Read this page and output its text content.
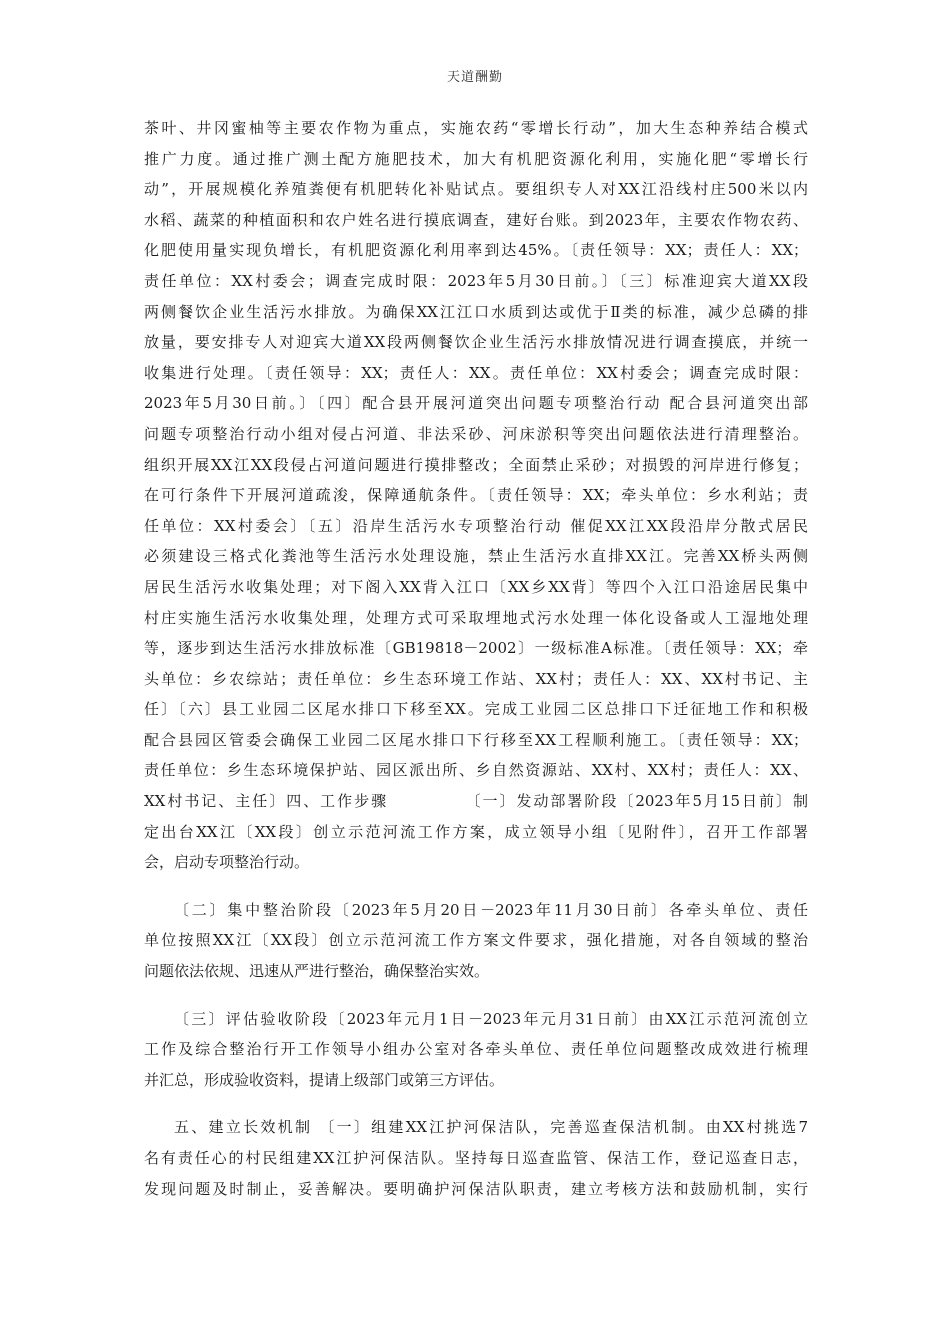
天道酬勤
茶叶、井冈蜜柚等主要农作物为重点，实施农药“零增长行动”，加大生态种养结合模式
推广力度。通过推广测土配方施肥技术，加大有机肥资源化利用，实施化肥“零增长行
动”，开展规模化养殖粪便有机肥转化补贴试点。要组织专人对XX江沿线村庄500米以内
水稻、蔬菜的种植面积和农户姓名进行摸底调查，建好台账。到2023年，主要农作物农药、
化肥使用量实现负增长，有机肥资源化利用率到达45%。〔责任领导：XX；责任人：XX；
责任单位：XX村委会；调查完成时限：2023年5月30日前。〕〔三〕标准迎宾大道XX段
两侧餐饮企业生活污水排放。为确保XX江江口水质到达或优于Ⅱ类的标准，减少总磷的排
放量，要安排专人对迎宾大道XX段两侧餐饮企业生活污水排放情况进行调查摸底，并统一
收集进行处理。〔责任领导：XX；责任人：XX。责任单位：XX村委会；调查完成时限：
2023年5月30日前。〕〔四〕配合县开展河道突出问题专项整治行动 配合县河道突出部
问题专项整治行动小组对侵占河道、非法采砂、河床淤积等突出问题依法进行清理整治。
组织开展XX江XX段侵占河道问题进行摸排整改；全面禁止采砂；对损毁的河岸进行修复；
在可行条件下开展河道疏浚，保障通航条件。〔责任领导：XX；牵头单位：乡水利站；责
任单位：XX村委会〕〔五〕沿岸生活污水专项整治行动 催促XX江XX段沿岸分散式居民
必须建设三格式化粪池等生活污水处理设施，禁止生活污水直排XX江。完善XX桥头两侧
居民生活污水收集处理；对下阁入XX背入江口〔XX乡XX背〕等四个入江口沿途居民集中
村庄实施生活污水收集处理，处理方式可采取埋地式污水处理一体化设备或人工湿地处理
等，逐步到达生活污水排放标准〔GB19818－2002〕一级标准A标准。〔责任领导：XX；牵
头单位：乡农综站；责任单位：乡生态环境工作站、XX村；责任人：XX、XX村书记、主
任〕〔六〕县工业园二区尾水排口下移至XX。完成工业园二区总排口下迁征地工作和积极
配合县园区管委会确保工业园二区尾水排口下行移至XX工程顺利施工。〔责任领导：XX；
责任单位：乡生态环境保护站、园区派出所、乡自然资源站、XX村、XX村；责任人：XX、
XX村书记、主任〕四、工作步骤　　　　　〔一〕发动部署阶段〔2023年5月15日前〕制
定出台XX江〔XX段〕创立示范河流工作方案，成立领导小组〔见附件〕，召开工作部署
会，启动专项整治行动。
〔二〕集中整治阶段〔2023年5月20日－2023年11月30日前〕各牵头单位、责任
单位按照XX江〔XX段〕创立示范河流工作方案文件要求，强化措施，对各自领域的整治
问题依法依规、迅速从严进行整治，确保整治实效。
〔三〕评估验收阶段〔2023年元月1日－2023年元月31日前〕由XX江示范河流创立
工作及综合整治行开工作领导小组办公室对各牵头单位、责任单位问题整改成效进行梳理
并汇总，形成验收资料，提请上级部门或第三方评估。
五、建立长效机制 〔一〕组建XX江护河保洁队，完善巡查保洁机制。由XX村挑选7
名有责任心的村民组建XX江护河保洁队。坚持每日巡查监管、保洁工作，登记巡查日志，
发现问题及时制止，妥善解决。要明确护河保洁队职责，建立考核方法和鼓励机制，实行
